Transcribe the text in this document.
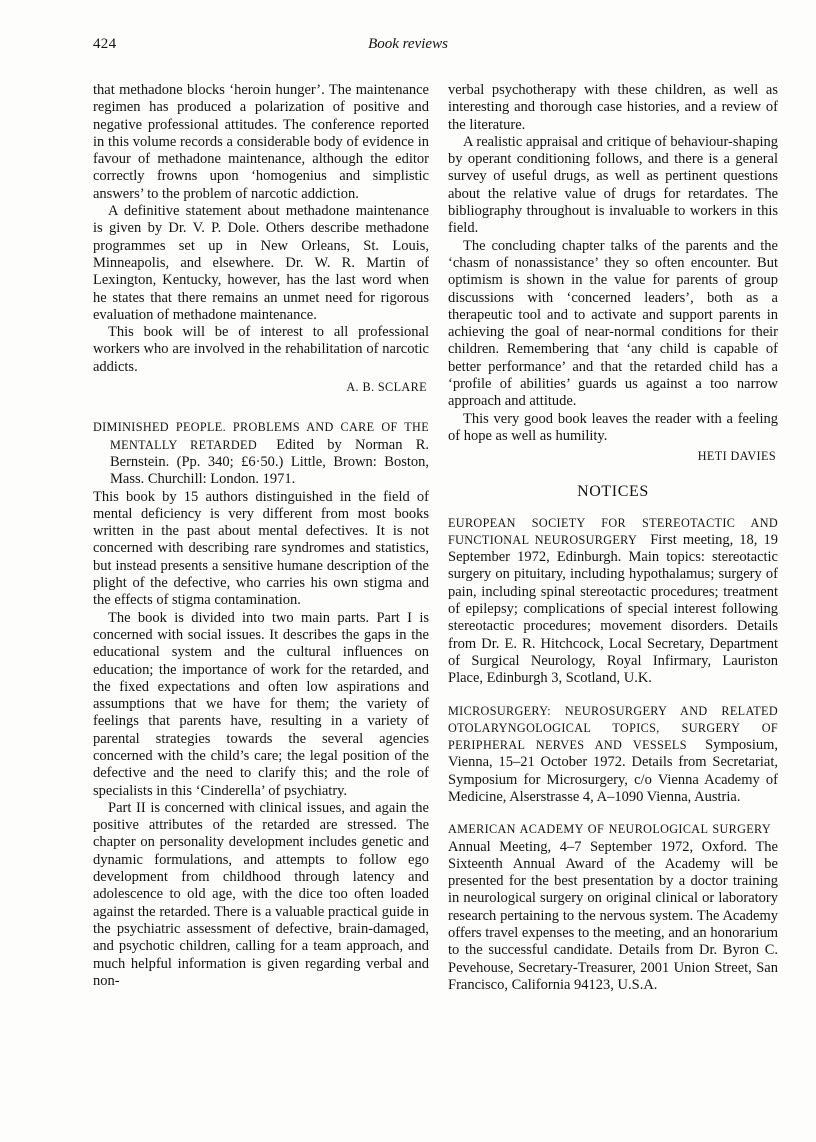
424	Book reviews

that methadone blocks ‘heroin hunger’. The maintenance regimen has produced a polarization of positive and negative professional attitudes. The conference reported in this volume records a considerable body of evidence in favour of methadone maintenance, although the editor correctly frowns upon ‘homogenius and simplistic answers’ to the problem of narcotic addiction.

A definitive statement about methadone maintenance is given by Dr. V. P. Dole. Others describe methadone programmes set up in New Orleans, St. Louis, Minneapolis, and elsewhere. Dr. W. R. Martin of Lexington, Kentucky, however, has the last word when he states that there remains an unmet need for rigorous evaluation of methadone maintenance.

This book will be of interest to all professional workers who are involved in the rehabilitation of narcotic addicts.

A. B. SCLARE

DIMINISHED PEOPLE. PROBLEMS AND CARE OF THE MENTALLY RETARDED Edited by Norman R. Bernstein. (Pp. 340; £6·50.) Little, Brown: Boston, Mass. Churchill: London. 1971.

This book by 15 authors distinguished in the field of mental deficiency is very different from most books written in the past about mental defectives. It is not concerned with describing rare syndromes and statistics, but instead presents a sensitive humane description of the plight of the defective, who carries his own stigma and the effects of stigma contamination.

The book is divided into two main parts. Part I is concerned with social issues. It describes the gaps in the educational system and the cultural influences on education; the importance of work for the retarded, and the fixed expectations and often low aspirations and assumptions that we have for them; the variety of feelings that parents have, resulting in a variety of parental strategies towards the several agencies concerned with the child’s care; the legal position of the defective and the need to clarify this; and the role of specialists in this ‘Cinderella’ of psychiatry.

Part II is concerned with clinical issues, and again the positive attributes of the retarded are stressed. The chapter on personality development includes genetic and dynamic formulations, and attempts to follow ego development from childhood through latency and adolescence to old age, with the dice too often loaded against the retarded. There is a valuable practical guide in the psychiatric assessment of defective, brain-damaged, and psychotic children, calling for a team approach, and much helpful information is given regarding verbal and non-

verbal psychotherapy with these children, as well as interesting and thorough case histories, and a review of the literature.

A realistic appraisal and critique of behaviour-shaping by operant conditioning follows, and there is a general survey of useful drugs, as well as pertinent questions about the relative value of drugs for retardates. The bibliography throughout is invaluable to workers in this field.

The concluding chapter talks of the parents and the ‘chasm of nonassistance’ they so often encounter. But optimism is shown in the value for parents of group discussions with ‘concerned leaders’, both as a therapeutic tool and to activate and support parents in achieving the goal of near-normal conditions for their children. Remembering that ‘any child is capable of better performance’ and that the retarded child has a ‘profile of abilities’ guards us against a too narrow approach and attitude.

This very good book leaves the reader with a feeling of hope as well as humility.

HETI DAVIES

NOTICES

EUROPEAN SOCIETY FOR STEREOTACTIC AND FUNCTIONAL NEUROSURGERY First meeting, 18, 19 September 1972, Edinburgh. Main topics: stereotactic surgery on pituitary, including hypothalamus; surgery of pain, including spinal stereotactic procedures; treatment of epilepsy; complications of special interest following stereotactic procedures; movement disorders. Details from Dr. E. R. Hitchcock, Local Secretary, Department of Surgical Neurology, Royal Infirmary, Lauriston Place, Edinburgh 3, Scotland, U.K.

MICROSURGERY: NEUROSURGERY AND RELATED OTOLARYNGOLOGICAL TOPICS, SURGERY OF PERIPHERAL NERVES AND VESSELS Symposium, Vienna, 15–21 October 1972. Details from Secretariat, Symposium for Microsurgery, c/o Vienna Academy of Medicine, Alserstrasse 4, A–1090 Vienna, Austria.

AMERICAN ACADEMY OF NEUROLOGICAL SURGERY Annual Meeting, 4–7 September 1972, Oxford. The Sixteenth Annual Award of the Academy will be presented for the best presentation by a doctor training in neurological surgery on original clinical or laboratory research pertaining to the nervous system. The Academy offers travel expenses to the meeting, and an honorarium to the successful candidate. Details from Dr. Byron C. Pevehouse, Secretary-Treasurer, 2001 Union Street, San Francisco, California 94123, U.S.A.
